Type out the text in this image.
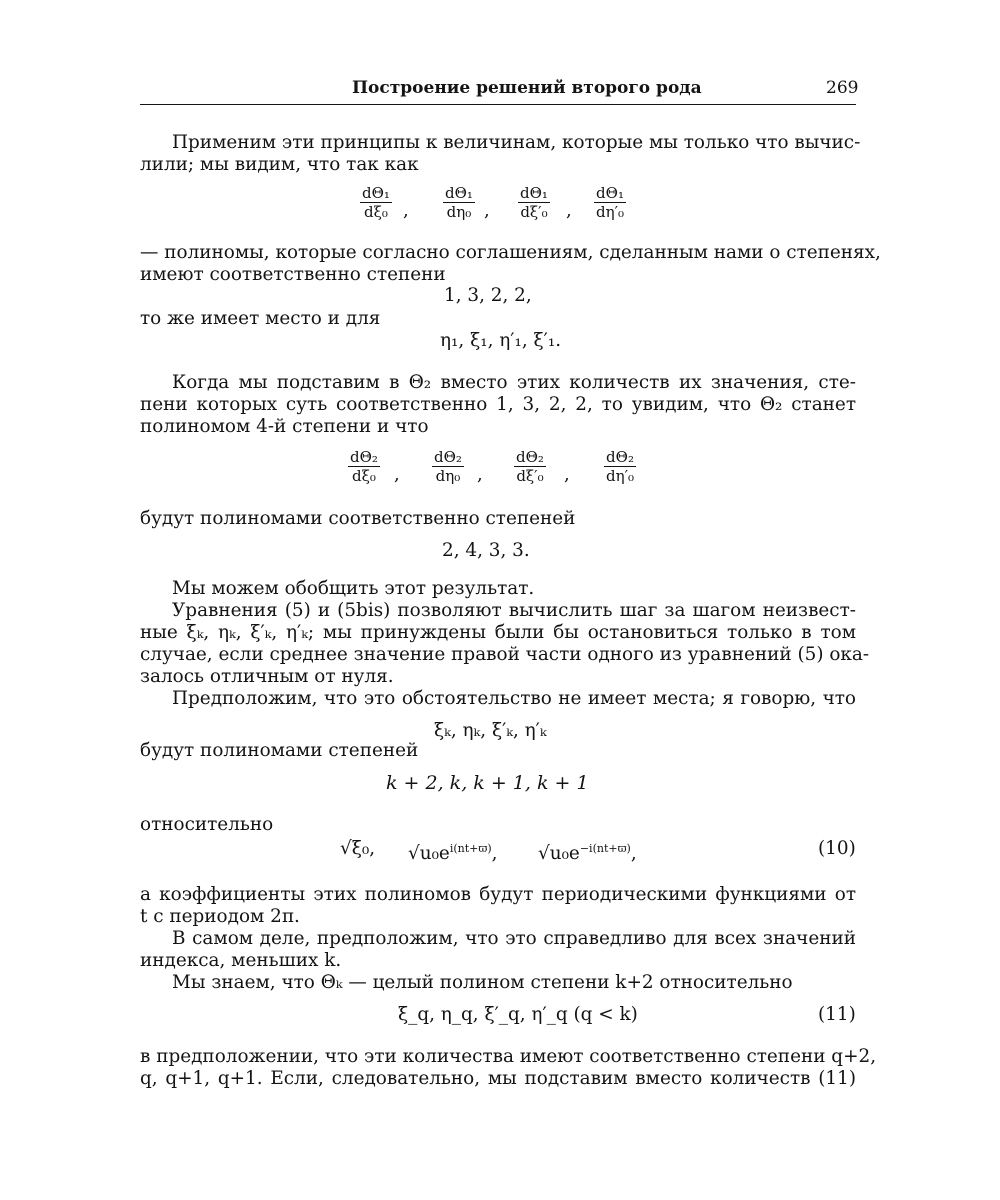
Построение решений второго рода	269
Применим эти принципы к величинам, которые мы только что вычис-
лили; мы видим, что так как
$\frac{\text{dΘ₁}}{\text{dξ₀}}$ , $\frac{\text{dΘ₁}}{\text{dη₀}}$ , $\frac{\text{dΘ₁}}{\text{dξ′₀}}$ , $\frac{\text{dΘ₁}}{\text{dη′₀}}$
— полиномы, которые согласно соглашениям, сделанным нами о степенях,
имеют соответственно степени
1, 3, 2, 2,
то же имеет место и для
η₁, ξ₁, η′₁, ξ′₁.
Когда мы подставим в Θ₂ вместо этих количеств их значения, сте-
пени которых суть соответственно 1, 3, 2, 2, то увидим, что Θ₂ станет
полиномом 4-й степени и что
$\frac{\text{dΘ₂}}{\text{dξ₀}}$ , $\frac{\text{dΘ₂}}{\text{dη₀}}$ , $\frac{\text{dΘ₂}}{\text{dξ′₀}}$ , $\frac{\text{dΘ₂}}{\text{dη′₀}}$
будут полиномами соответственно степеней
2, 4, 3, 3.
Мы можем обобщить этот результат.
Уравнения (5) и (5bis) позволяют вычислить шаг за шагом неизвест-
ные ξₖ, ηₖ, ξ′ₖ, η′ₖ; мы принуждены были бы остановиться только в том
случае, если среднее значение правой части одного из уравнений (5) ока-
залось отличным от нуля.
Предположим, что это обстоятельство не имеет места; я говорю, что
ξₖ, ηₖ, ξ′ₖ, η′ₖ
будут полиномами степеней
k + 2, k, k + 1, k + 1
относительно
√ξ₀, $√u_0e^{i(nt+ϖ)}$, $√u_0e^{-i(nt+ϖ)}$,	(10)
а коэффициенты этих полиномов будут периодическими функциями от
t с периодом 2π.
В самом деле, предположим, что это справедливо для всех значений
индекса, меньших k.
Мы знаем, что Θₖ — целый полином степени k+2 относительно
ξ_q, η_q, ξ′_q, η′_q (q < k)	(11)
в предположении, что эти количества имеют соответственно степени q+2,
q, q+1, q+1. Если, следовательно, мы подставим вместо количеств (11)
